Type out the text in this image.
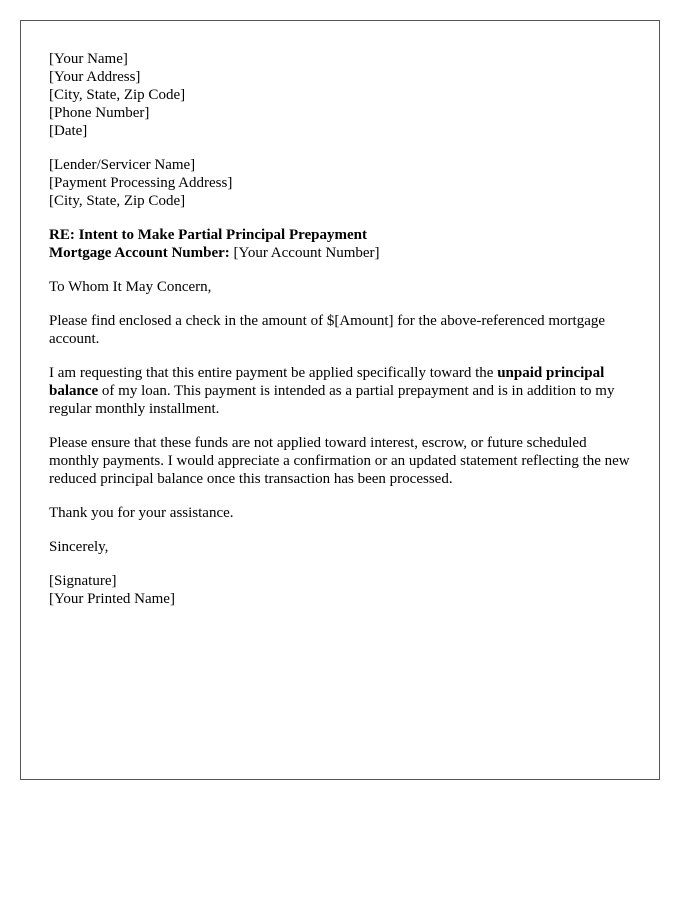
[Your Name]
[Your Address]
[City, State, Zip Code]
[Phone Number]
[Date]
[Lender/Servicer Name]
[Payment Processing Address]
[City, State, Zip Code]
RE: Intent to Make Partial Principal Prepayment
Mortgage Account Number: [Your Account Number]

To Whom It May Concern,

Please find enclosed a check in the amount of $[Amount] for the above-referenced mortgage account.

I am requesting that this entire payment be applied specifically toward the unpaid principal balance of my loan. This payment is intended as a partial prepayment and is in addition to my regular monthly installment.

Please ensure that these funds are not applied toward interest, escrow, or future scheduled monthly payments. I would appreciate a confirmation or an updated statement reflecting the new reduced principal balance once this transaction has been processed.

Thank you for your assistance.

Sincerely,

[Signature]
[Your Printed Name]
